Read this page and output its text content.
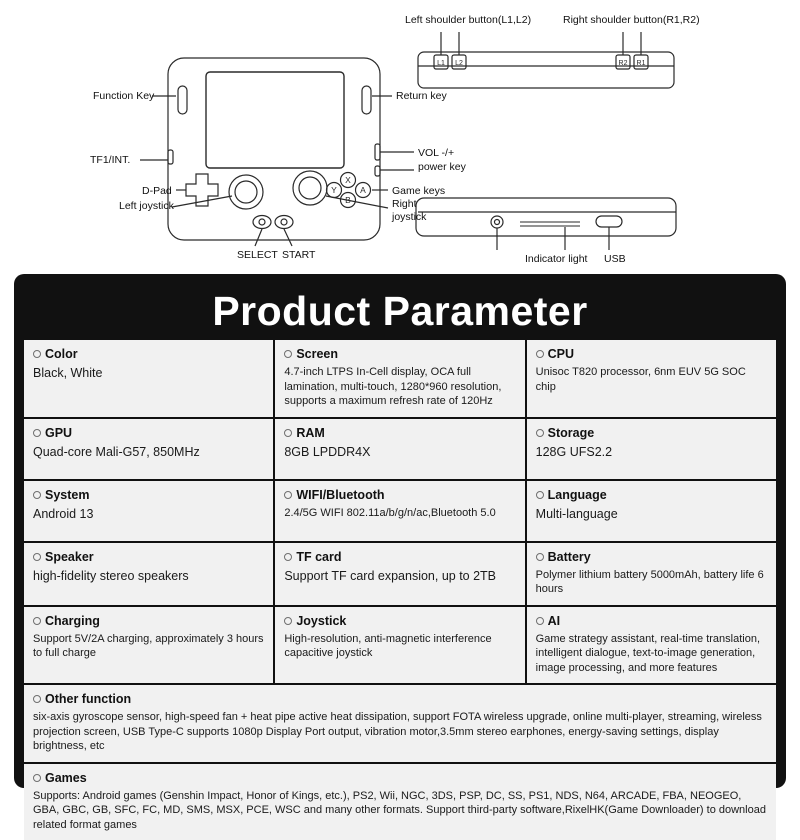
L1 L2	R2 R1
X
A
B
Y
Left shoulder button(L1,L2)	Right shoulder button(R1,R2)
Function Key	Return key
TF1/INT.
VOL -/+
power key
D-Pad	Game keys
Left joystick	Right
joystick
SELECT START	Indicator light USB
Product Parameter
Color
Black, White
Screen
4.7-inch LTPS In-Cell display, OCA full lamination, multi-touch, 1280*960 resolution, supports a maximum refresh rate of 120Hz
CPU
Unisoc T820 processor, 6nm EUV 5G SOC chip
GPU
Quad-core Mali-G57, 850MHz
RAM
8GB LPDDR4X
Storage
128G UFS2.2
System
Android 13
WIFI/Bluetooth
2.4/5G WIFI 802.11a/b/g/n/ac,Bluetooth 5.0
Language
Multi-language
Speaker
high-fidelity stereo speakers
TF card
Support TF card expansion, up to 2TB
Battery
Polymer lithium battery 5000mAh, battery life 6 hours
Charging
Support 5V/2A charging, approximately 3 hours to full charge
Joystick
High-resolution, anti-magnetic interference capacitive joystick
AI
Game strategy assistant, real-time translation, intelligent dialogue, text-to-image generation, image processing, and more features
Other function
six-axis gyroscope sensor, high-speed fan + heat pipe active heat dissipation, support FOTA wireless upgrade, online multi-player, streaming, wireless projection screen, USB Type-C supports 1080p Display Port output, vibration motor,3.5mm stereo earphones, energy-saving settings, display brightness, etc
Games
Supports: Android games (Genshin Impact, Honor of Kings, etc.), PS2, Wii, NGC, 3DS, PSP, DC, SS, PS1, NDS, N64, ARCADE, FBA, NEOGEO, GBA, GBC, GB, SFC, FC, MD, SMS, MSX, PCE, WSC and many other formats. Support third-party software,RixelHK(Game Downloader) to download related format games
